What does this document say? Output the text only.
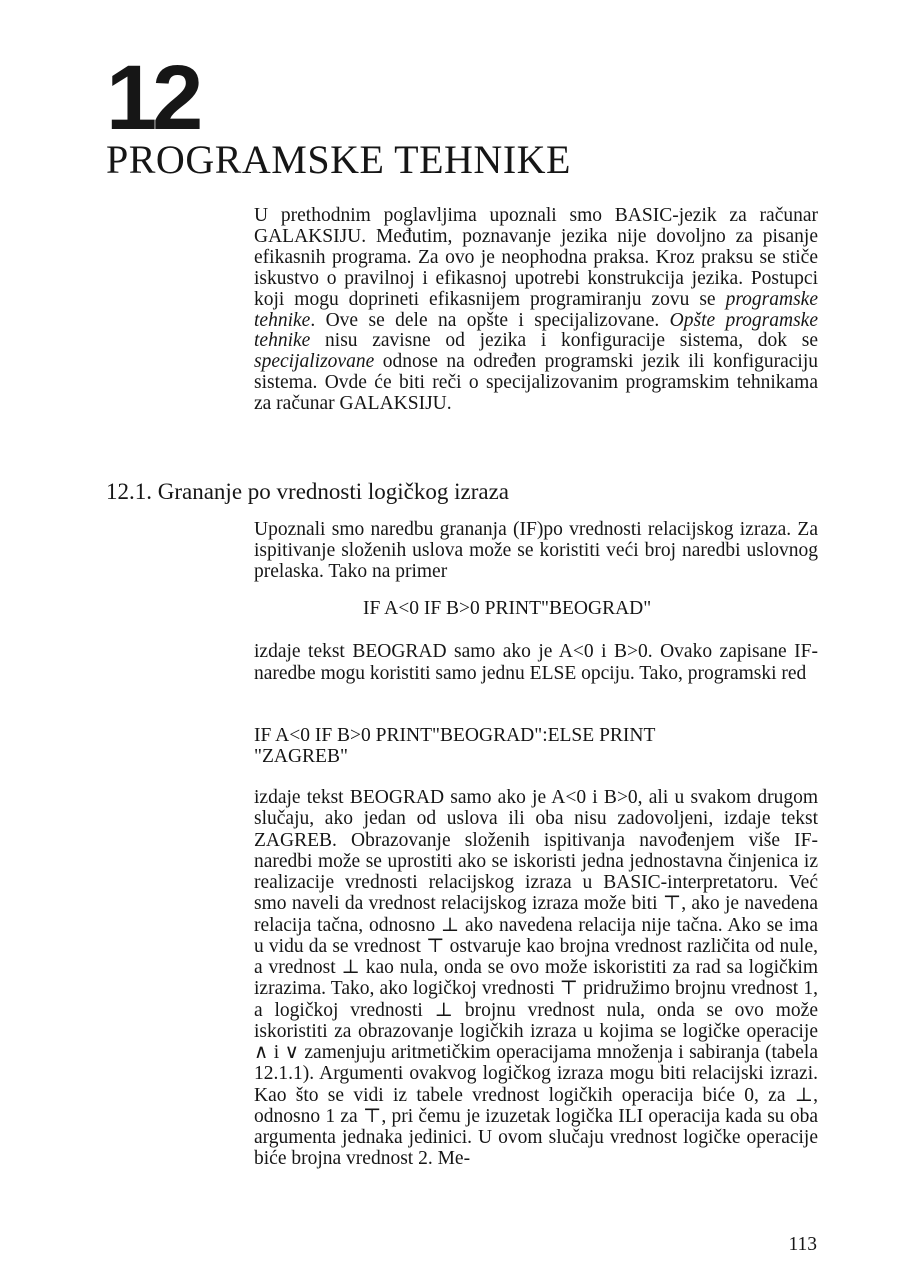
12
PROGRAMSKE TEHNIKE

U prethodnim poglavljima upoznali smo BASIC-jezik za računar GALAKSIJU. Međutim, poznavanje jezika nije dovoljno za pisanje efikasnih programa. Za ovo je neophodna praksa. Kroz praksu se stiče iskustvo o pravilnoj i efikasnoj upotrebi konstrukcija jezika. Postupci koji mogu doprineti efikasnijem programiranju zovu se programske tehnike. Ove se dele na opšte i specijalizovane. Opšte programske tehnike nisu zavisne od jezika i konfiguracije sistema, dok se specijalizovane odnose na određen programski jezik ili konfiguraciju sistema. Ovde će biti reči o specijalizovanim programskim tehnikama za računar GALAKSIJU.

12.1. Grananje po vrednosti logičkog izraza

Upoznali smo naredbu grananja (IF)po vrednosti relacijskog izraza. Za ispitivanje složenih uslova može se koristiti veći broj naredbi uslovnog prelaska. Tako na primer

IF A<0 IF B>0 PRINT"BEOGRAD"

izdaje tekst BEOGRAD samo ako je A<0 i B>0. Ovako zapisane IF-naredbe mogu koristiti samo jednu ELSE opciju. Tako, programski red

IF A<0 IF B>0 PRINT"BEOGRAD":ELSE PRINT
"ZAGREB"

izdaje tekst BEOGRAD samo ako je A<0 i B>0, ali u svakom drugom slučaju, ako jedan od uslova ili oba nisu zadovoljeni, izdaje tekst ZAGREB. Obrazovanje složenih ispitivanja navođenjem više IF-naredbi može se uprostiti ako se iskoristi jedna jednostavna činjenica iz realizacije vrednosti relacijskog izraza u BASIC-interpretatoru. Već smo naveli da vrednost relacijskog izraza može biti ⊤, ako je navedena relacija tačna, odnosno ⊥ ako navedena relacija nije tačna. Ako se ima u vidu da se vrednost ⊤ ostvaruje kao brojna vrednost različita od nule, a vrednost ⊥ kao nula, onda se ovo može iskoristiti za rad sa logičkim izrazima. Tako, ako logičkoj vrednosti ⊤ pridružimo brojnu vrednost 1, a logičkoj vrednosti ⊥ brojnu vrednost nula, onda se ovo može iskoristiti za obrazovanje logičkih izraza u kojima se logičke operacije ∧ i ∨ zamenjuju aritmetičkim operacijama množenja i sabiranja (tabela 12.1.1). Argumenti ovakvog logičkog izraza mogu biti relacijski izrazi. Kao što se vidi iz tabele vrednost logičkih operacija biće 0, za ⊥, odnosno 1 za ⊤, pri čemu je izuzetak logička ILI operacija kada su oba argumenta jednaka jedinici. U ovom slučaju vrednost logičke operacije biće brojna vrednost 2. Me-

113
